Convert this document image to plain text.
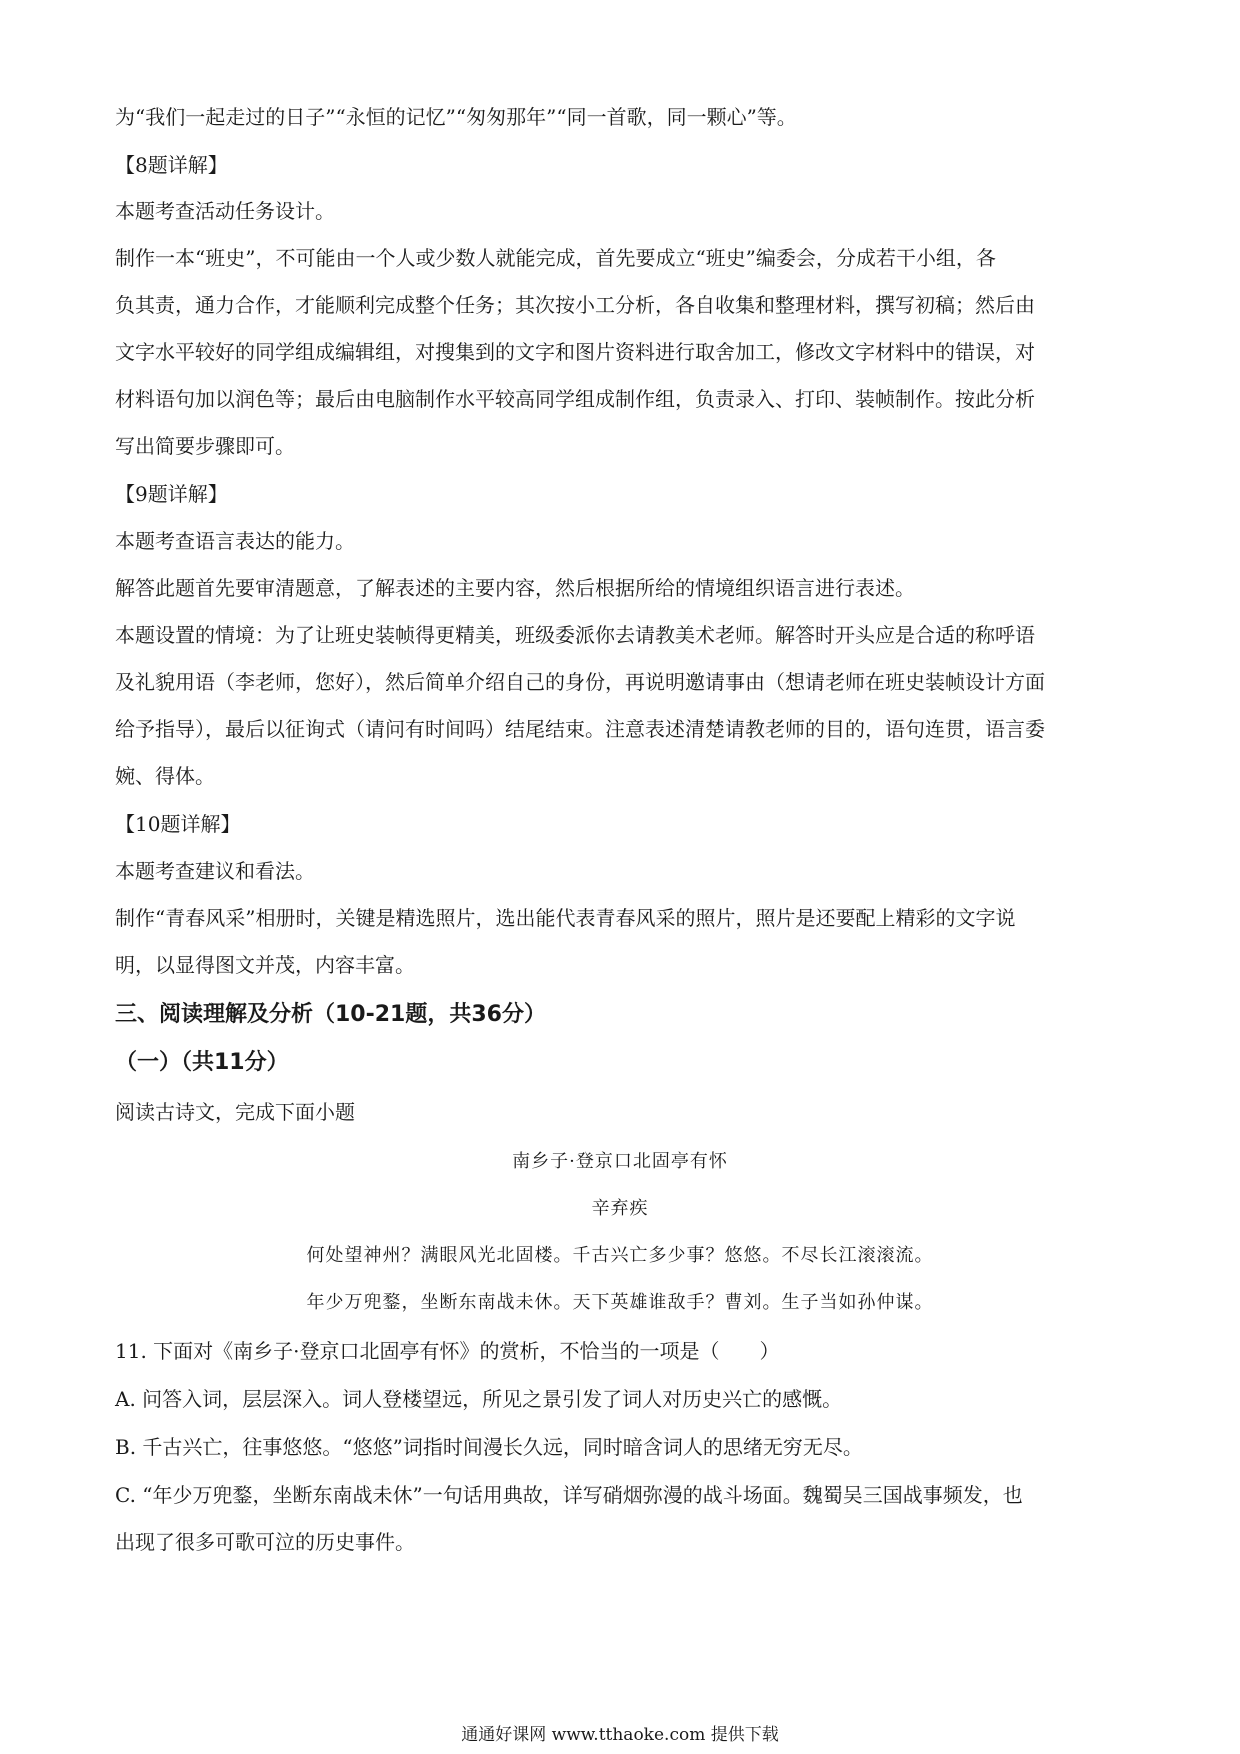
为“我们一起走过的日子”“永恒的记忆”“匆匆那年”“同一首歌，同一颗心”等。
【8题详解】
本题考查活动任务设计。
制作一本“班史”，不可能由一个人或少数人就能完成，首先要成立“班史”编委会，分成若干小组，各
负其责，通力合作，才能顺利完成整个任务；其次按小工分析，各自收集和整理材料，撰写初稿；然后由
文字水平较好的同学组成编辑组，对搜集到的文字和图片资料进行取舍加工，修改文字材料中的错误，对
材料语句加以润色等；最后由电脑制作水平较高同学组成制作组，负责录入、打印、装帧制作。按此分析
写出简要步骤即可。
【9题详解】
本题考查语言表达的能力。
解答此题首先要审清题意，了解表述的主要内容，然后根据所给的情境组织语言进行表述。
本题设置的情境：为了让班史装帧得更精美，班级委派你去请教美术老师。解答时开头应是合适的称呼语
及礼貌用语（李老师，您好），然后简单介绍自己的身份，再说明邀请事由（想请老师在班史装帧设计方面
给予指导），最后以征询式（请问有时间吗）结尾结束。注意表述清楚请教老师的目的，语句连贯，语言委
婉、得体。
【10题详解】
本题考查建议和看法。
制作“青春风采”相册时，关键是精选照片，选出能代表青春风采的照片，照片是还要配上精彩的文字说
明，以显得图文并茂，内容丰富。
三、阅读理解及分析（10-21题，共36分）
（一）（共11分）
阅读古诗文，完成下面小题
南乡子·登京口北固亭有怀
辛弃疾
何处望神州？满眼风光北固楼。千古兴亡多少事？悠悠。不尽长江滚滚流。
年少万兜鍪，坐断东南战未休。天下英雄谁敌手？曹刘。生子当如孙仲谋。
11. 下面对《南乡子·登京口北固亭有怀》的赏析，不恰当的一项是（　　）
A. 问答入词，层层深入。词人登楼望远，所见之景引发了词人对历史兴亡的感慨。
B. 千古兴亡，往事悠悠。“悠悠”词指时间漫长久远，同时暗含词人的思绪无穷无尽。
C. “年少万兜鍪，坐断东南战未休”一句话用典故，详写硝烟弥漫的战斗场面。魏蜀吴三国战事频发，也
出现了很多可歌可泣的历史事件。
通通好课网 www.tthaoke.com 提供下载
